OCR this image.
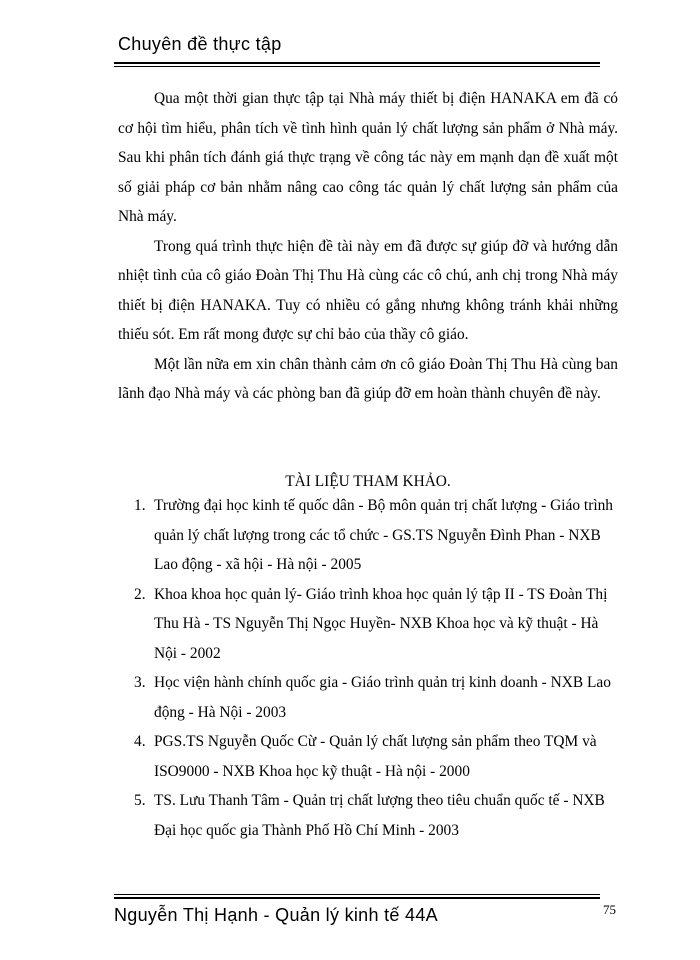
Chuyên đề thực tập

Qua một thời gian thực tập tại Nhà máy thiết bị điện HANAKA em đã có cơ hội tìm hiểu, phân tích về tình hình quản lý chất lượng sản phẩm ở Nhà máy. Sau khi phân tích đánh giá thực trạng về công tác này em mạnh dạn đề xuất một số giải pháp cơ bản nhằm nâng cao công tác quản lý chất lượng sản phẩm của Nhà máy.

Trong quá trình thực hiện đề tài này em đã được sự giúp đỡ và hướng dẫn nhiệt tình của cô giáo Đoàn Thị Thu Hà cùng các cô chú, anh chị trong Nhà máy thiết bị điện HANAKA. Tuy có nhiều có gắng nhưng không tránh khải những thiếu sót. Em rất mong được sự chỉ bảo của thầy cô giáo.

Một lần nữa em xin chân thành cảm ơn cô giáo Đoàn Thị Thu Hà cùng ban lãnh đạo Nhà máy và các phòng ban đã giúp đỡ em hoàn thành chuyên đề này.

TÀI LIỆU THAM KHẢO.
1. Trường đại học kinh tế quốc dân - Bộ môn quản trị chất lượng - Giáo trình quản lý chất lượng trong các tổ chức - GS.TS Nguyễn Đình Phan - NXB Lao động - xã hội - Hà nội - 2005
2. Khoa khoa học quản lý- Giáo trình khoa học quản lý tập II - TS Đoàn Thị Thu Hà - TS Nguyễn Thị Ngọc Huyền- NXB Khoa học và kỹ thuật - Hà Nội - 2002
3. Học viện hành chính quốc gia - Giáo trình quản trị kinh doanh - NXB Lao động - Hà Nội - 2003
4. PGS.TS Nguyễn Quốc Cừ - Quản lý chất lượng sản phẩm theo TQM và ISO9000 - NXB Khoa học kỹ thuật - Hà nội - 2000
5. TS. Lưu Thanh Tâm - Quản trị chất lượng theo tiêu chuẩn quốc tế - NXB Đại học quốc gia Thành Phố Hồ Chí Minh - 2003
Nguyễn Thị Hạnh - Quản lý kinh tế 44A	75
